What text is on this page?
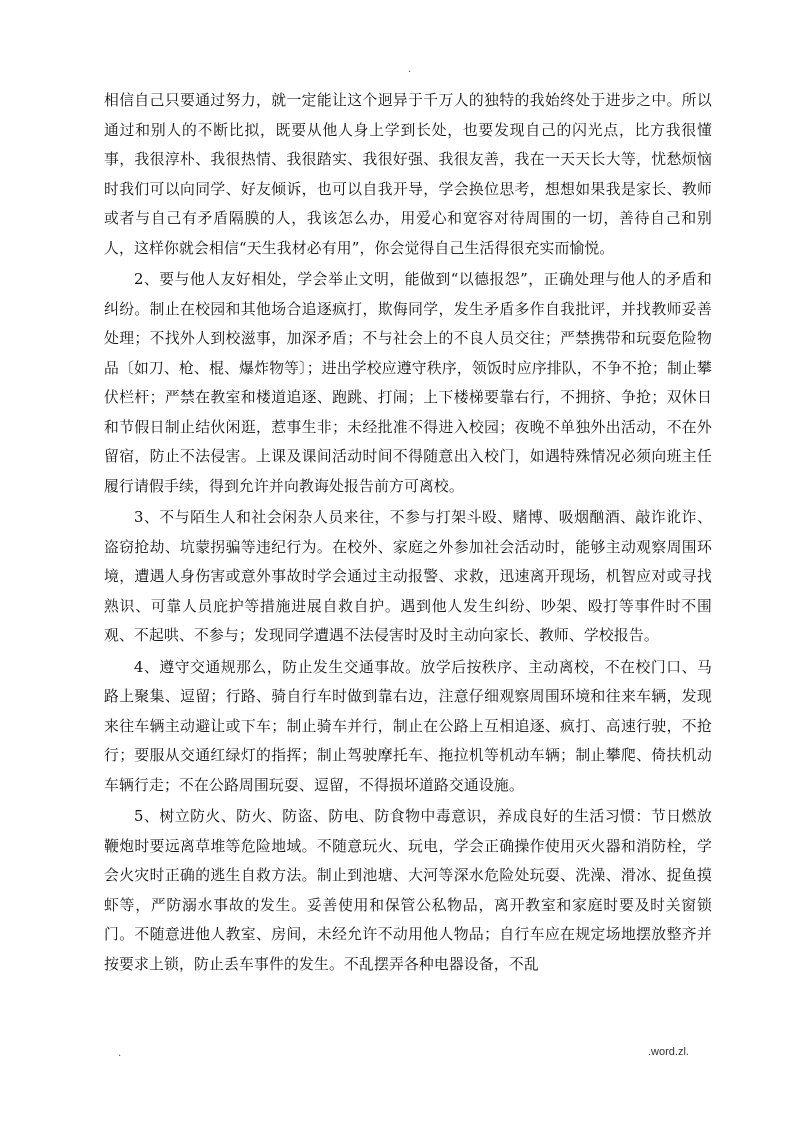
.

相信自己只要通过努力，就一定能让这个迥异于千万人的独特的我始终处于进步之中。所以通过和别人的不断比拟，既要从他人身上学到长处，也要发现自己的闪光点，比方我很懂事，我很淳朴、我很热情、我很踏实、我很好强、我很友善，我在一天天长大等，忧愁烦恼时我们可以向同学、好友倾诉，也可以自我开导，学会换位思考，想想如果我是家长、教师或者与自己有矛盾隔膜的人，我该怎么办，用爱心和宽容对待周围的一切，善待自己和别人，这样你就会相信“天生我材必有用”，你会觉得自己生活得很充实而愉悦。

2、要与他人友好相处，学会举止文明，能做到“以德报怨”，正确处理与他人的矛盾和纠纷。制止在校园和其他场合追逐疯打，欺侮同学，发生矛盾多作自我批评，并找教师妥善处理；不找外人到校滋事，加深矛盾；不与社会上的不良人员交往；严禁携带和玩耍危险物品〔如刀、枪、棍、爆炸物等〕；进出学校应遵守秩序，领饭时应序排队，不争不抢；制止攀伏栏杆；严禁在教室和楼道追逐、跑跳、打闹；上下楼梯要靠右行，不拥挤、争抢；双休日和节假日制止结伙闲逛，惹事生非；未经批准不得进入校园；夜晚不单独外出活动，不在外留宿，防止不法侵害。上课及课间活动时间不得随意出入校门，如遇特殊情况必须向班主任履行请假手续，得到允许并向教诲处报告前方可离校。

3、不与陌生人和社会闲杂人员来往，不参与打架斗殴、赌博、吸烟酗酒、敲诈讹诈、盗窃抢劫、坑蒙拐骗等违纪行为。在校外、家庭之外参加社会活动时，能够主动观察周围环境，遭遇人身伤害或意外事故时学会通过主动报警、求救，迅速离开现场，机智应对或寻找熟识、可靠人员庇护等措施进展自救自护。遇到他人发生纠纷、吵架、殴打等事件时不围观、不起哄、不参与；发现同学遭遇不法侵害时及时主动向家长、教师、学校报告。

4、遵守交通规那么，防止发生交通事故。放学后按秩序、主动离校，不在校门口、马路上聚集、逗留；行路、骑自行车时做到靠右边，注意仔细观察周围环境和往来车辆，发现来往车辆主动避让或下车；制止骑车并行，制止在公路上互相追逐、疯打、高速行驶，不抢行；要服从交通红绿灯的指挥；制止驾驶摩托车、拖拉机等机动车辆；制止攀爬、倚扶机动车辆行走；不在公路周围玩耍、逗留，不得损坏道路交通设施。

5、树立防火、防火、防盗、防电、防食物中毒意识，养成良好的生活习惯：节日燃放鞭炮时要远离草堆等危险地域。不随意玩火、玩电，学会正确操作使用灭火器和消防栓，学会火灾时正确的逃生自救方法。制止到池塘、大河等深水危险处玩耍、洗澡、滑冰、捉鱼摸虾等，严防溺水事故的发生。妥善使用和保管公私物品，离开教室和家庭时要及时关窗锁门。不随意进他人教室、房间，未经允许不动用他人物品；自行车应在规定场地摆放整齐并按要求上锁，防止丢车事件的发生。不乱摆弄各种电器设备，不乱

.	.word.zl.
